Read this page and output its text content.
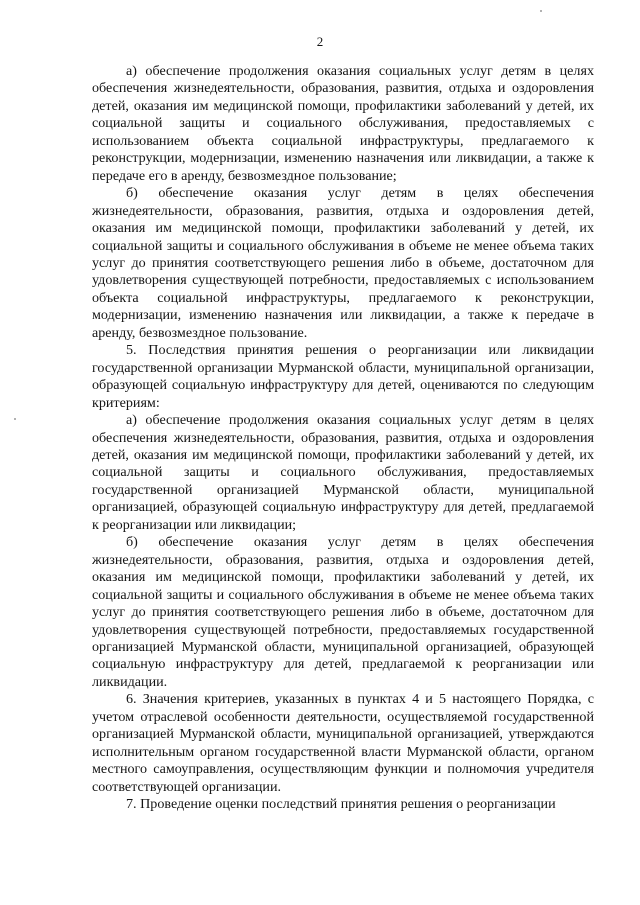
2

а) обеспечение продолжения оказания социальных услуг детям в целях обеспечения жизнедеятельности, образования, развития, отдыха и оздоровления детей, оказания им медицинской помощи, профилактики заболеваний у детей, их социальной защиты и социального обслуживания, предоставляемых с использованием объекта социальной инфраструктуры, предлагаемого к реконструкции, модернизации, изменению назначения или ликвидации, а также к передаче его в аренду, безвозмездное пользование;

б) обеспечение оказания услуг детям в целях обеспечения жизнедеятельности, образования, развития, отдыха и оздоровления детей, оказания им медицинской помощи, профилактики заболеваний у детей, их социальной защиты и социального обслуживания в объеме не менее объема таких услуг до принятия соответствующего решения либо в объеме, достаточном для удовлетворения существующей потребности, предоставляемых с использованием объекта социальной инфраструктуры, предлагаемого к реконструкции, модернизации, изменению назначения или ликвидации, а также к передаче в аренду, безвозмездное пользование.

5. Последствия принятия решения о реорганизации или ликвидации государственной организации Мурманской области, муниципальной организации, образующей социальную инфраструктуру для детей, оцениваются по следующим критериям:

а) обеспечение продолжения оказания социальных услуг детям в целях обеспечения жизнедеятельности, образования, развития, отдыха и оздоровления детей, оказания им медицинской помощи, профилактики заболеваний у детей, их социальной защиты и социального обслуживания, предоставляемых государственной организацией Мурманской области, муниципальной организацией, образующей социальную инфраструктуру для детей, предлагаемой к реорганизации или ликвидации;

б) обеспечение оказания услуг детям в целях обеспечения жизнедеятельности, образования, развития, отдыха и оздоровления детей, оказания им медицинской помощи, профилактики заболеваний у детей, их социальной защиты и социального обслуживания в объеме не менее объема таких услуг до принятия соответствующего решения либо в объеме, достаточном для удовлетворения существующей потребности, предоставляемых государственной организацией Мурманской области, муниципальной организацией, образующей социальную инфраструктуру для детей, предлагаемой к реорганизации или ликвидации.

6. Значения критериев, указанных в пунктах 4 и 5 настоящего Порядка, с учетом отраслевой особенности деятельности, осуществляемой государственной организацией Мурманской области, муниципальной организацией, утверждаются исполнительным органом государственной власти Мурманской области, органом местного самоуправления, осуществляющим функции и полномочия учредителя соответствующей организации.

7. Проведение оценки последствий принятия решения о реорганизации
